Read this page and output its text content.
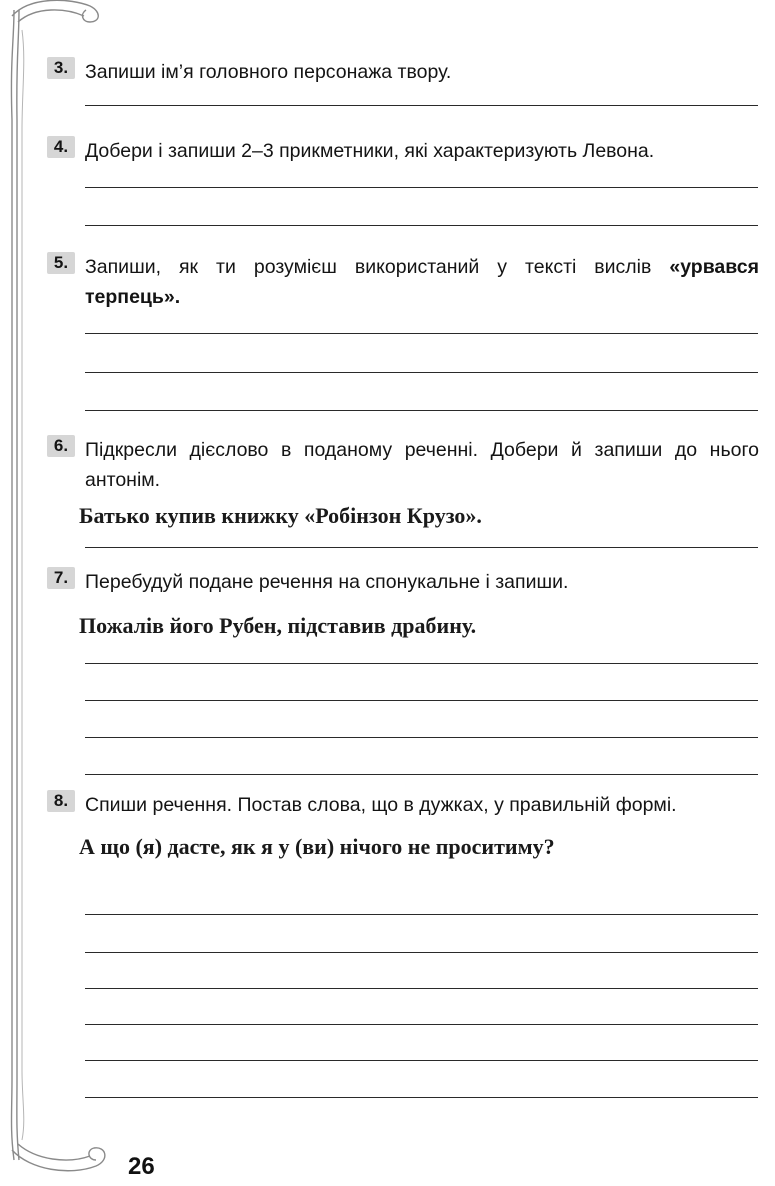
3. Запиши ім’я головного персонажа твору.
4. Добери і запиши 2–3 прикметники, які характеризують Левона.
5. Запиши, як ти розумієш використаний у тексті вислів «урвався терпець».
6. Підкресли дієслово в поданому реченні. Добери й запиши до нього антонім.
Батько купив книжку «Робінзон Крузо».
7. Перебудуй подане речення на спонукальне і запиши.
Пожалів його Рубен, підставив драбину.
8. Спиши речення. Постав слова, що в дужках, у правильній формі.
А що (я) дасте, як я у (ви) нічого не проситиму?
26
